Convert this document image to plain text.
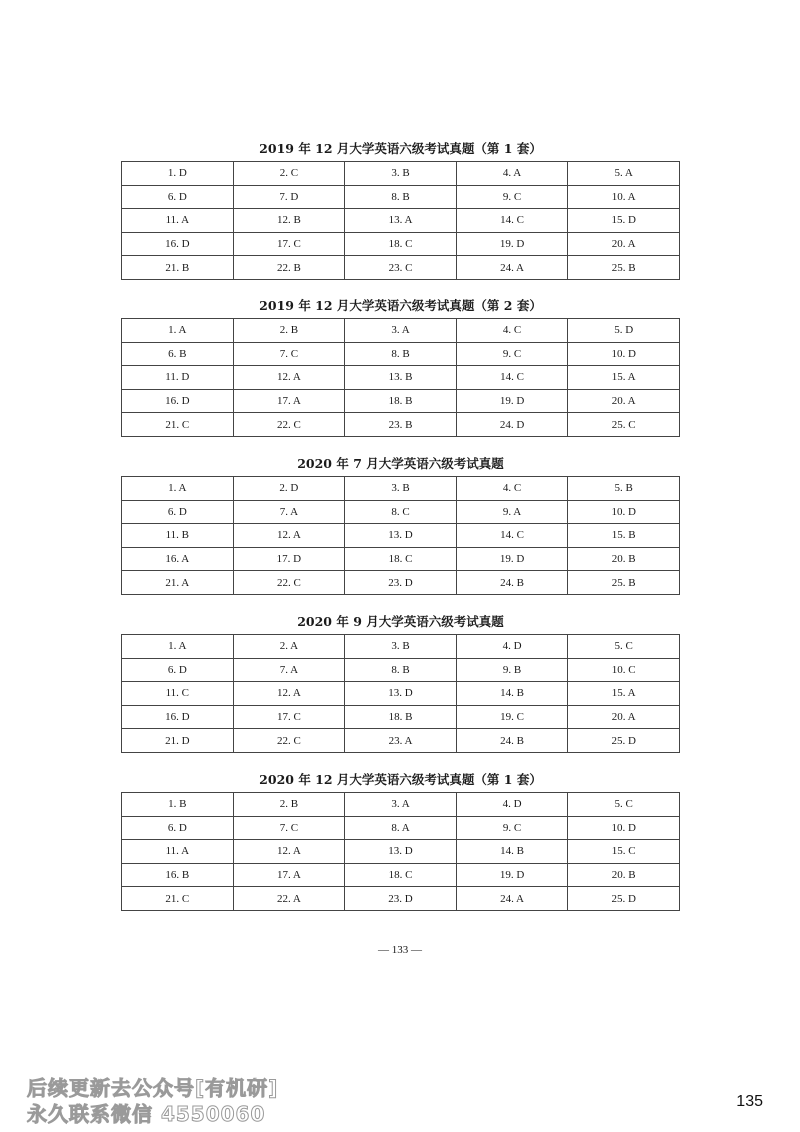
2019 年 12 月大学英语六级考试真题（第 1 套）
1. D	2. C	3. B	4. A	5. A
6. D	7. D	8. B	9. C	10. A
11. A	12. B	13. A	14. C	15. D
16. D	17. C	18. C	19. D	20. A
21. B	22. B	23. C	24. A	25. B
2019 年 12 月大学英语六级考试真题（第 2 套）
1. A	2. B	3. A	4. C	5. D
6. B	7. C	8. B	9. C	10. D
11. D	12. A	13. B	14. C	15. A
16. D	17. A	18. B	19. D	20. A
21. C	22. C	23. B	24. D	25. C
2020 年 7 月大学英语六级考试真题
1. A	2. D	3. B	4. C	5. B
6. D	7. A	8. C	9. A	10. D
11. B	12. A	13. D	14. C	15. B
16. A	17. D	18. C	19. D	20. B
21. A	22. C	23. D	24. B	25. B
2020 年 9 月大学英语六级考试真题
1. A	2. A	3. B	4. D	5. C
6. D	7. A	8. B	9. B	10. C
11. C	12. A	13. D	14. B	15. A
16. D	17. C	18. B	19. C	20. A
21. D	22. C	23. A	24. B	25. D
2020 年 12 月大学英语六级考试真题（第 1 套）
1. B	2. B	3. A	4. D	5. C
6. D	7. C	8. A	9. C	10. D
11. A	12. A	13. D	14. B	15. C
16. B	17. A	18. C	19. D	20. B
21. C	22. A	23. D	24. A	25. D
— 133 —
后续更新去公众号[有机研]
永久联系微信 4550060
135
